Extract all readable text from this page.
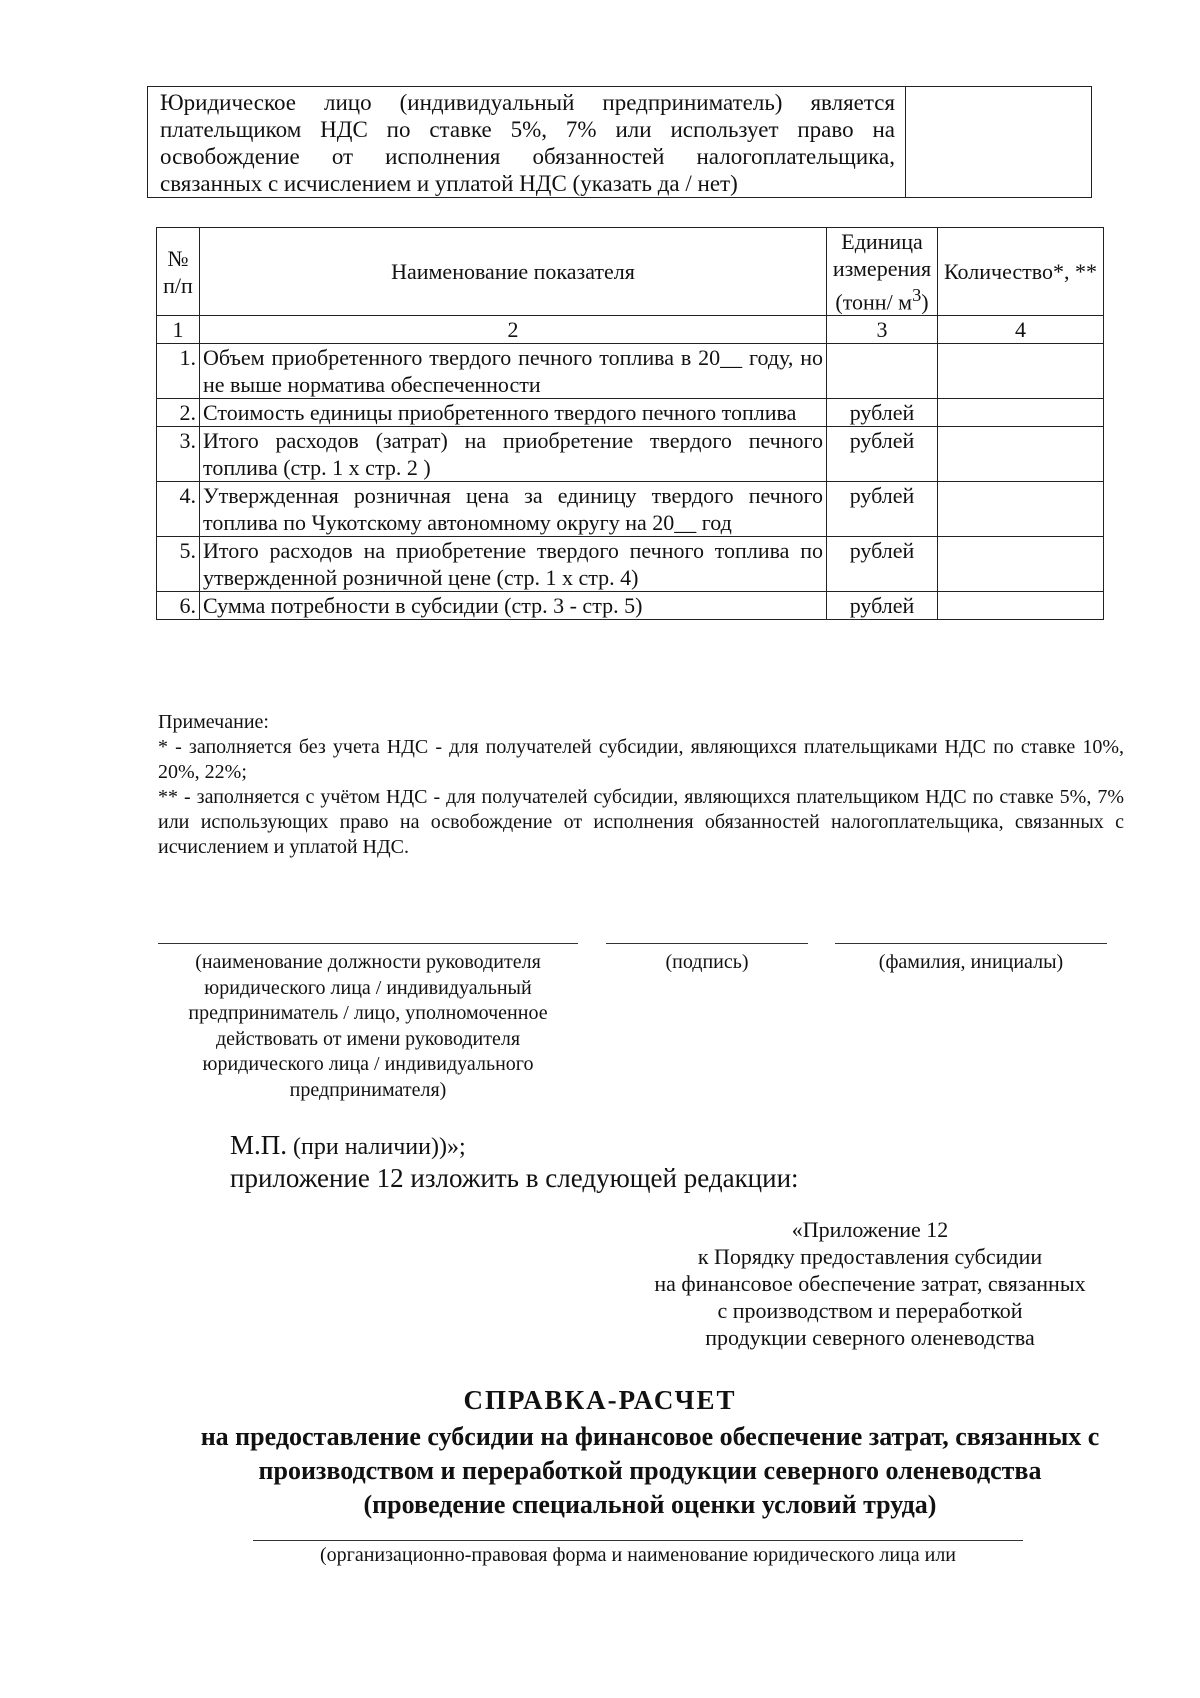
Юридическое лицо (индивидуальный предприниматель) является плательщиком НДС по ставке 5%, 7% или использует право на освобождение от исполнения обязанностей налогоплательщика, связанных с исчислением и уплатой НДС (указать да / нет)
№ п/п	Наименование показателя	Единица измерения (тонн/ $м^3$)	Количество*, **
1	2	3	4
1.	Объем приобретенного твердого печного топлива в 20__ году, но не выше норматива обеспеченности		
2.	Стоимость единицы приобретенного твердого печного топлива	рублей	
3.	Итого расходов (затрат) на приобретение твердого печного топлива (стр. 1 х стр. 2 )	рублей	
4.	Утвержденная розничная цена за единицу твердого печного топлива по Чукотскому автономному округу на 20__ год	рублей	
5.	Итого расходов на приобретение твердого печного топлива по утвержденной розничной цене (стр. 1 х стр. 4)	рублей	
6.	Сумма потребности в субсидии (стр. 3 - стр. 5)	рублей	

Примечание:

* - заполняется без учета НДС - для получателей субсидии, являющихся плательщиками НДС по ставке 10%, 20%, 22%;

** - заполняется с учётом НДС - для получателей субсидии, являющихся плательщиком НДС по ставке 5%, 7% или использующих право на освобождение от исполнения обязанностей налогоплательщика, связанных с исчислением и уплатой НДС.

(наименование должности руководителя юридического лица / индивидуальный предприниматель / лицо, уполномоченное действовать от имени руководителя юридического лица / индивидуального предпринимателя)
(подпись)	(фамилия, инициалы)
М.П. (при наличии))»;
приложение 12 изложить в следующей редакции:
«Приложение 12
к Порядку предоставления субсидии
на финансовое обеспечение затрат, связанных
с производством и переработкой
продукции северного оленеводства
СПРАВКА-РАСЧЕТ
на предоставление субсидии на финансовое обеспечение затрат, связанных с производством и переработкой продукции северного оленеводства (проведение специальной оценки условий труда)
(организационно-правовая форма и наименование юридического лица или
